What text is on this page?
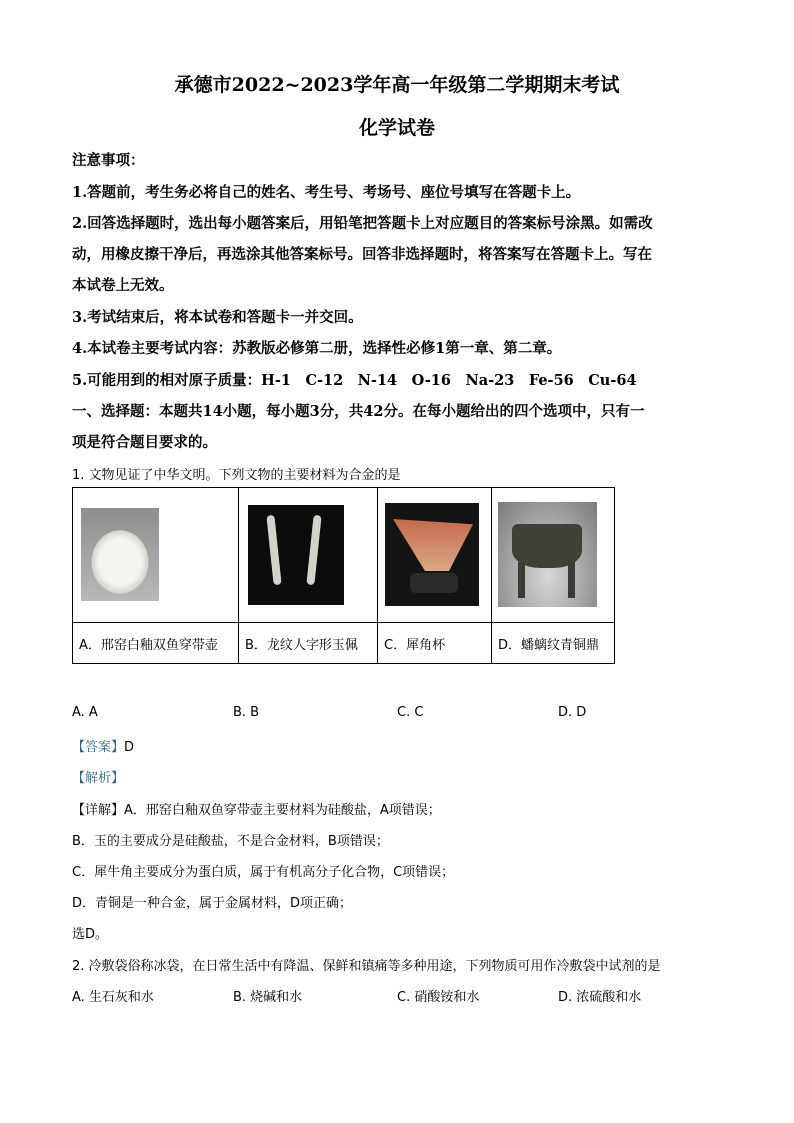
承德市2022~2023学年高一年级第二学期期末考试
化学试卷
注意事项：
1.答题前，考生务必将自己的姓名、考生号、考场号、座位号填写在答题卡上。
2.回答选择题时，选出每小题答案后，用铅笔把答题卡上对应题目的答案标号涂黑。如需改
动，用橡皮擦干净后，再选涂其他答案标号。回答非选择题时，将答案写在答题卡上。写在
本试卷上无效。
3.考试结束后，将本试卷和答题卡一并交回。
4.本试卷主要考试内容：苏教版必修第二册，选择性必修1第一章、第二章。
5.可能用到的相对原子质量：H-1　C-12　N-14　O-16　Na-23　Fe-56　Cu-64
一、选择题：本题共14小题，每小题3分，共42分。在每小题给出的四个选项中，只有一
项是符合题目要求的。
1. 文物见证了中华文明。下列文物的主要材料为合金的是

A．邢窑白釉双鱼穿带壶	B．龙纹人字形玉佩	C．犀角杯	D．蟠螭纹青铜鼎
A. A	B. B	C. C	D. D
【答案】D
【解析】
【详解】A．邢窑白釉双鱼穿带壶主要材料为硅酸盐，A项错误；
B．玉的主要成分是硅酸盐，不是合金材料，B项错误；
C．犀牛角主要成分为蛋白质，属于有机高分子化合物，C项错误；
D．青铜是一种合金，属于金属材料，D项正确；
选D。
2. 冷敷袋俗称冰袋，在日常生活中有降温、保鲜和镇痛等多种用途，下列物质可用作冷敷袋中试剂的是
A. 生石灰和水	B. 烧碱和水	C. 硝酸铵和水	D. 浓硫酸和水
